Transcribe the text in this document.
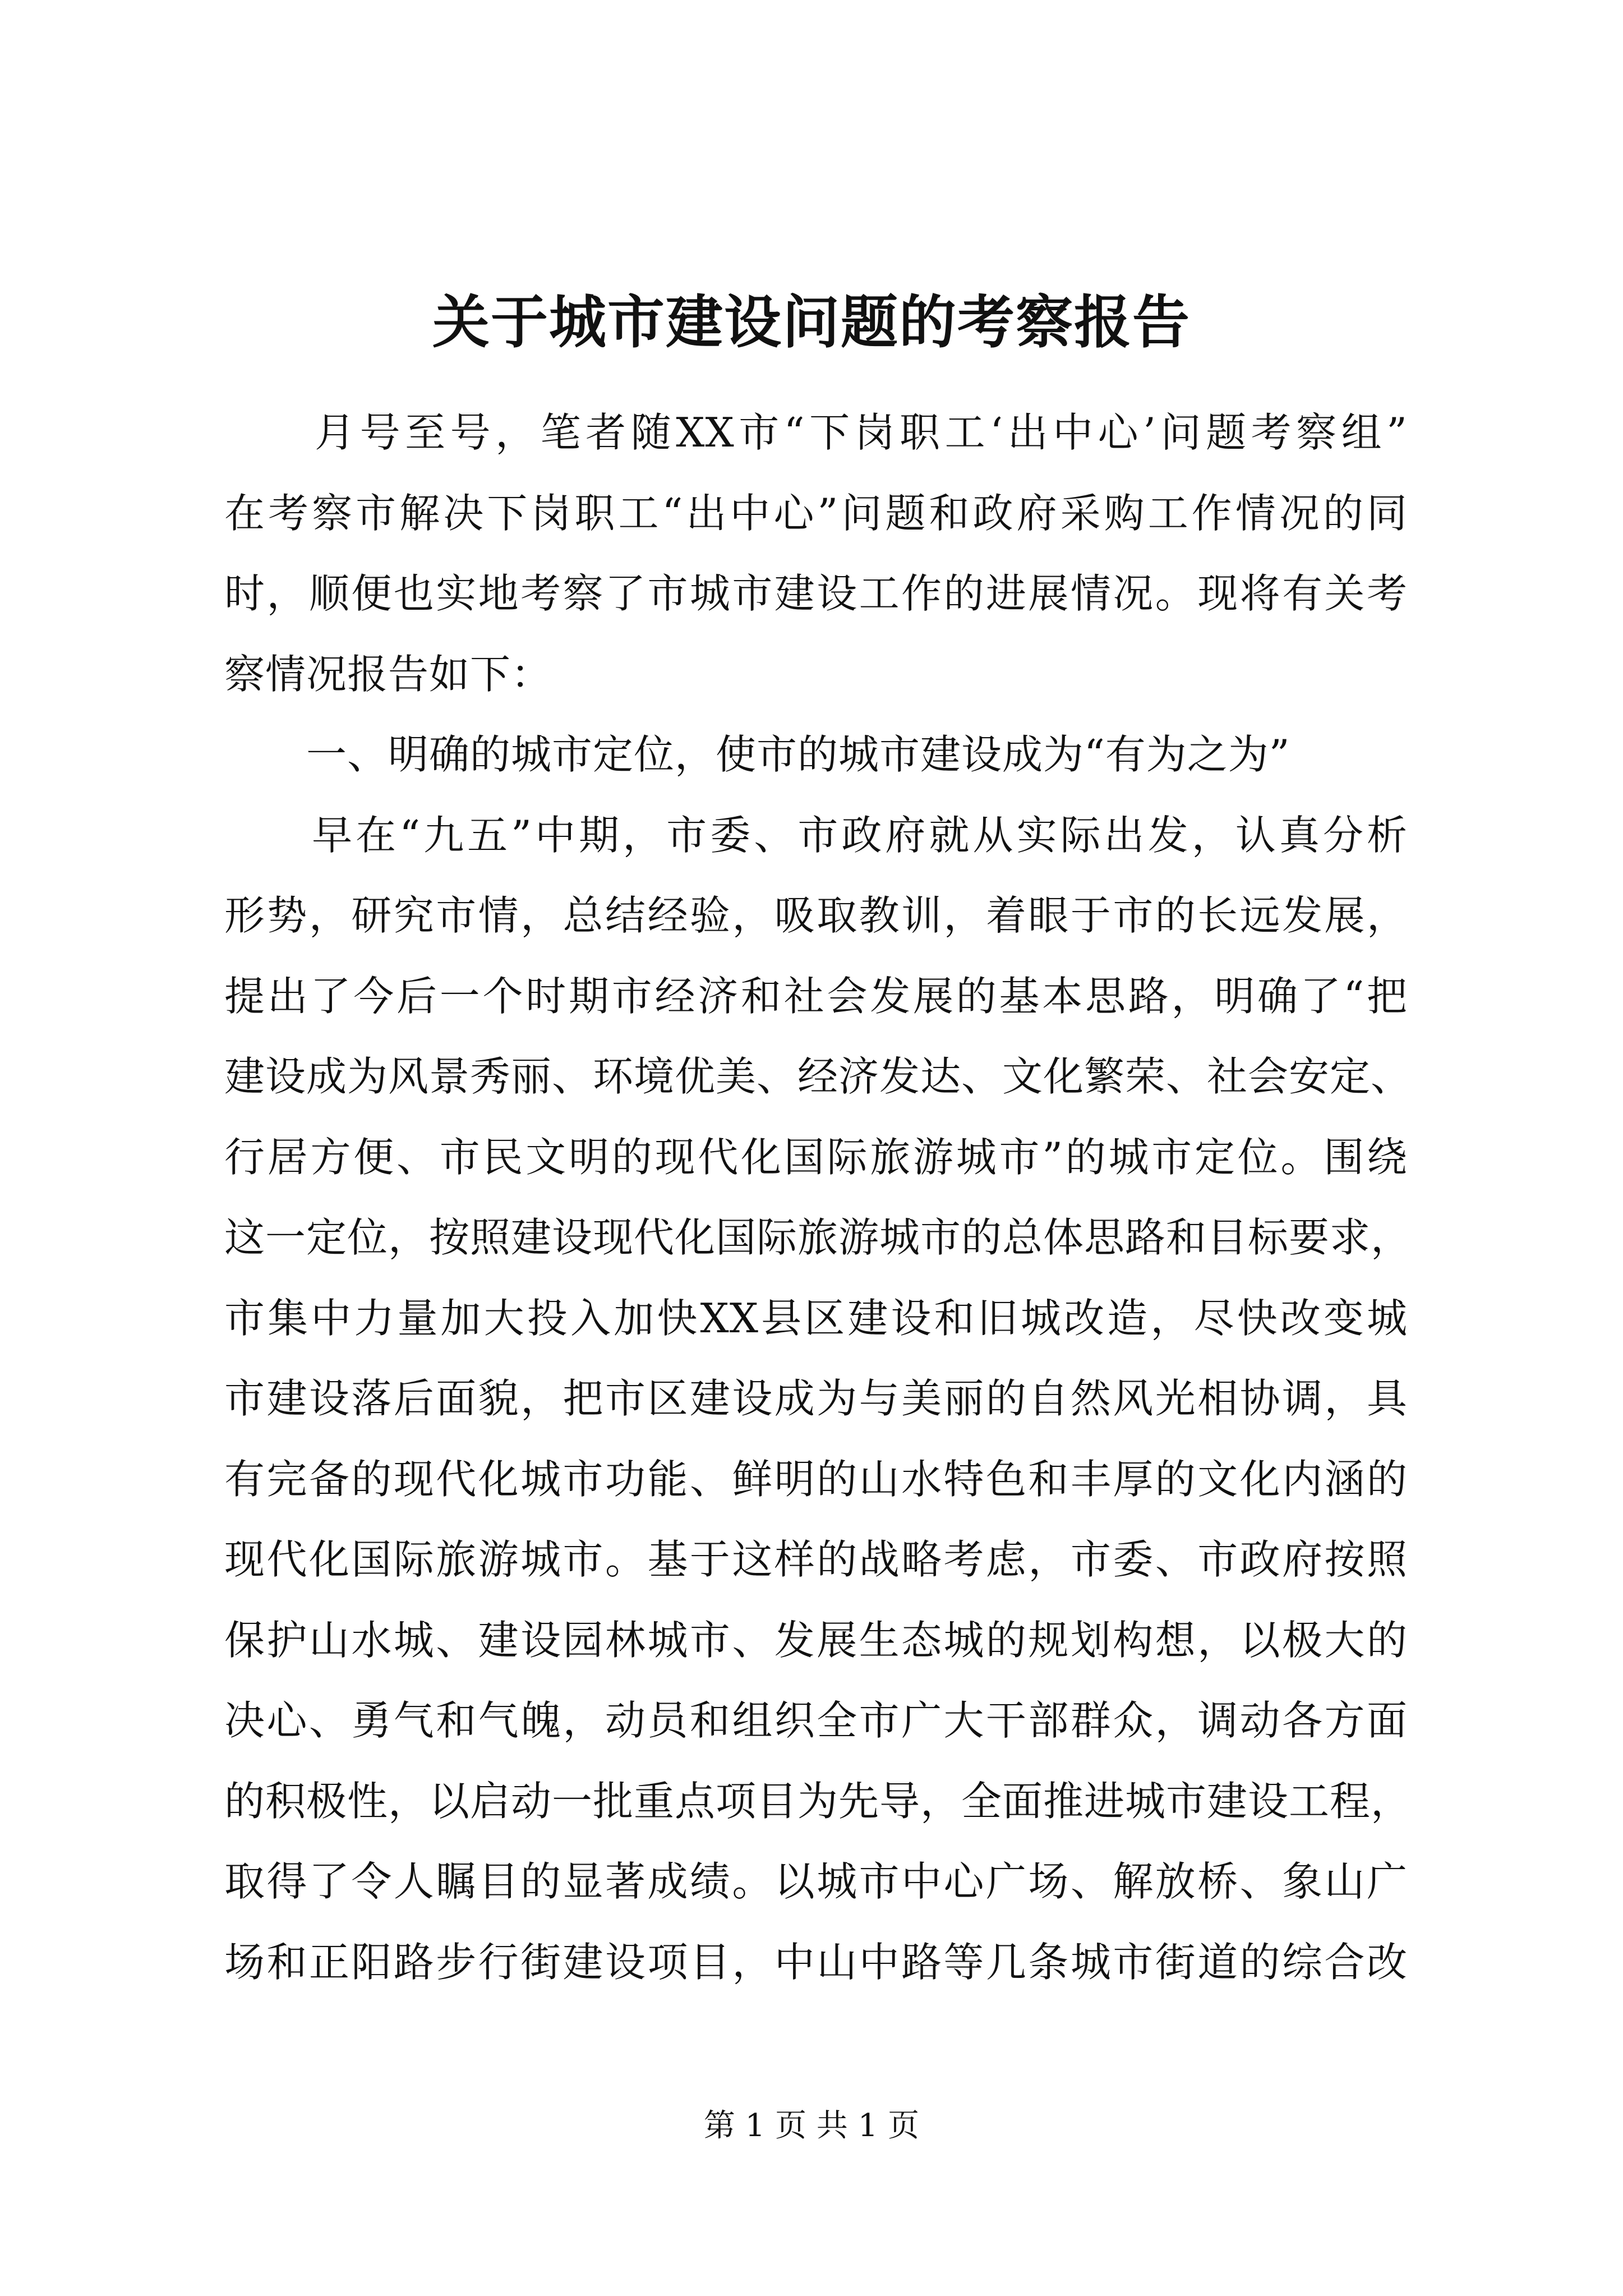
关于城市建设问题的考察报告
　　月号至号，笔者随XX市“下岗职工‘出中心’问题考察组”
在考察市解决下岗职工“出中心”问题和政府采购工作情况的同
时，顺便也实地考察了市城市建设工作的进展情况。现将有关考
察情况报告如下：
　　一、明确的城市定位，使市的城市建设成为“有为之为”
　　早在“九五”中期，市委、市政府就从实际出发，认真分析
形势，研究市情，总结经验，吸取教训，着眼于市的长远发展，
提出了今后一个时期市经济和社会发展的基本思路，明确了“把
建设成为风景秀丽、环境优美、经济发达、文化繁荣、社会安定、
行居方便、市民文明的现代化国际旅游城市”的城市定位。围绕
这一定位，按照建设现代化国际旅游城市的总体思路和目标要求，
市集中力量加大投入加快XX县区建设和旧城改造，尽快改变城
市建设落后面貌，把市区建设成为与美丽的自然风光相协调，具
有完备的现代化城市功能、鲜明的山水特色和丰厚的文化内涵的
现代化国际旅游城市。基于这样的战略考虑，市委、市政府按照
保护山水城、建设园林城市、发展生态城的规划构想，以极大的
决心、勇气和气魄，动员和组织全市广大干部群众，调动各方面
的积极性，以启动一批重点项目为先导，全面推进城市建设工程，
取得了令人瞩目的显著成绩。以城市中心广场、解放桥、象山广
场和正阳路步行街建设项目，中山中路等几条城市街道的综合改
第 1 页 共 1 页
